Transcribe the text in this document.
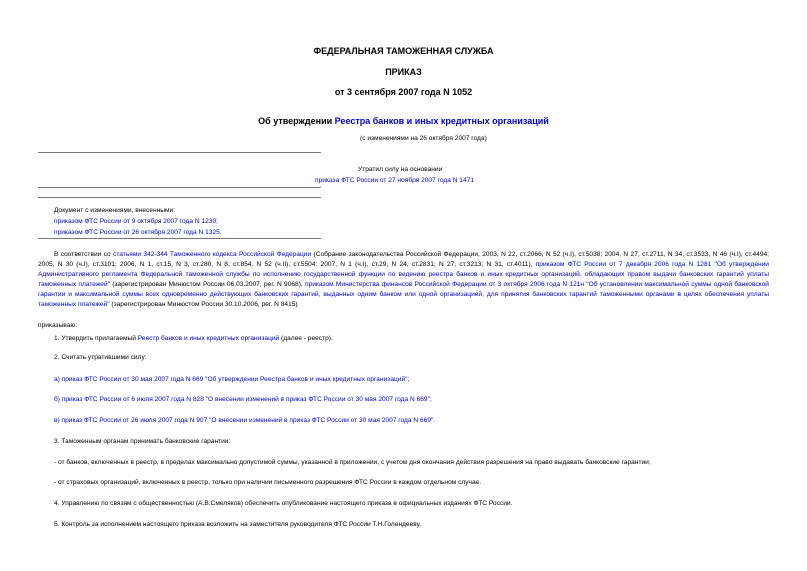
ФЕДЕРАЛЬНАЯ ТАМОЖЕННАЯ СЛУЖБА
ПРИКАЗ
от 3 сентября 2007 года N 1052
Об утверждении Реестра банков и иных кредитных организаций
(с изменениями на 26 октября 2007 года)
Утратил силу на основании
приказа ФТС России от 27 ноября 2007 года N 1471
Документ с изменениями, внесенными:
приказом ФТС России от 9 октября 2007 года N 1230;
приказом ФТС России от 26 октября 2007 года N 1325.
В соответствии со статьями 342-344 Таможенного кодекса Российской Федерации (Собрание законодательства Российской Федерации, 2003, N 22, ст.2066, N 52 (ч.I), ст.5038; 2004, N 27, ст.2711, N 34, ст.3533, N 46 (ч.I), ст.4494; 2005, N 30 (ч.I), ст.3101; 2006, N 1, ст.15, N 3, ст.280, N 8, ст.854, N 52 (ч.II), ст.5504; 2007, N 1 (ч.I), ст.29, N 24, ст.2831; N 27, ст.3213; N 31, ст.4011), приказом ФТС России от 7 декабря 2006 года N 1281 "Об утверждении Административного регламента Федеральной таможенной службы по исполнению государственной функции по ведению реестра банков и иных кредитных организаций, обладающих правом выдачи банковских гарантий уплаты таможенных платежей" (зарегистрирован Минюстом России 06.03.2007, рег. N 9068), приказом Министерства финансов Российской Федерации от 3 октября 2006 года N 121н "Об установлении максимальной суммы одной банковской гарантии и максимальной суммы всех одновременно действующих банковских гарантий, выданных одним банком или одной организацией, для принятия банковских гарантий таможенными органами в целях обеспечения уплаты таможенных платежей" (зарегистрирован Минюстом России 30.10.2006, рег. N 8415)
приказываю:
1. Утвердить прилагаемый Реестр банков и иных кредитных организаций (далее - реестр).
2. Считать утратившими силу:
а) приказ ФТС России от 30 мая 2007 года N 669 "Об утверждении Реестра банков и иных кредитных организаций";
б) приказ ФТС России от 6 июля 2007 года N 828 "О внесении изменений в приказ ФТС России от 30 мая 2007 года N 669";
в) приказ ФТС России от 26 июля 2007 года N 907 "О внесении изменений в приказ ФТС России от 30 мая 2007 года N 669".
3. Таможенным органам принимать банковские гарантии:
- от банков, включенных в реестр, в пределах максимально допустимой суммы, указанной в приложении, с учетом дня окончания действия разрешения на право выдавать банковские гарантии;
- от страховых организаций, включенных в реестр, только при наличии письменного разрешения ФТС России в каждом отдельном случае.
4. Управлению по связям с общественностью (А.В.Смеляков) обеспечить опубликование настоящего приказа в официальных изданиях ФТС России.
5. Контроль за исполнением настоящего приказа возложить на заместителя руководителя ФТС России Т.Н.Голендееву.
